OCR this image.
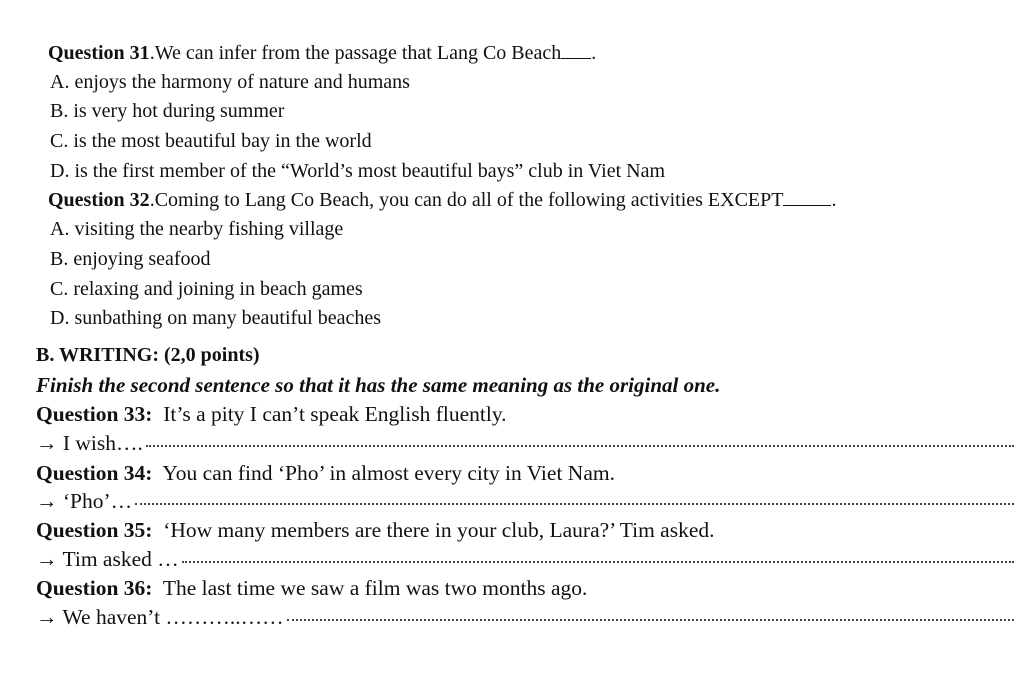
Question 31.We can infer from the passage that Lang Co Beach .
A. enjoys the harmony of nature and humans
B. is very hot during summer
C. is the most beautiful bay in the world
D. is the first member of the “World’s most beautiful bays” club in Viet Nam
Question 32.Coming to Lang Co Beach, you can do all of the following activities EXCEPT .
A. visiting the nearby fishing village
B. enjoying seafood
C. relaxing and joining in beach games
D. sunbathing on many beautiful beaches
B. WRITING: (2,0 points)
Finish the second sentence so that it has the same meaning as the original one.
Question 33: It’s a pity I can’t speak English fluently.
→ I wish….
Question 34: You can find ‘Pho’ in almost every city in Viet Nam.
→ ‘Pho’…
Question 35: ‘How many members are there in your club, Laura?’ Tim asked.
→ Tim asked …
Question 36: The last time we saw a film was two months ago.
→ We haven’t ………..……
